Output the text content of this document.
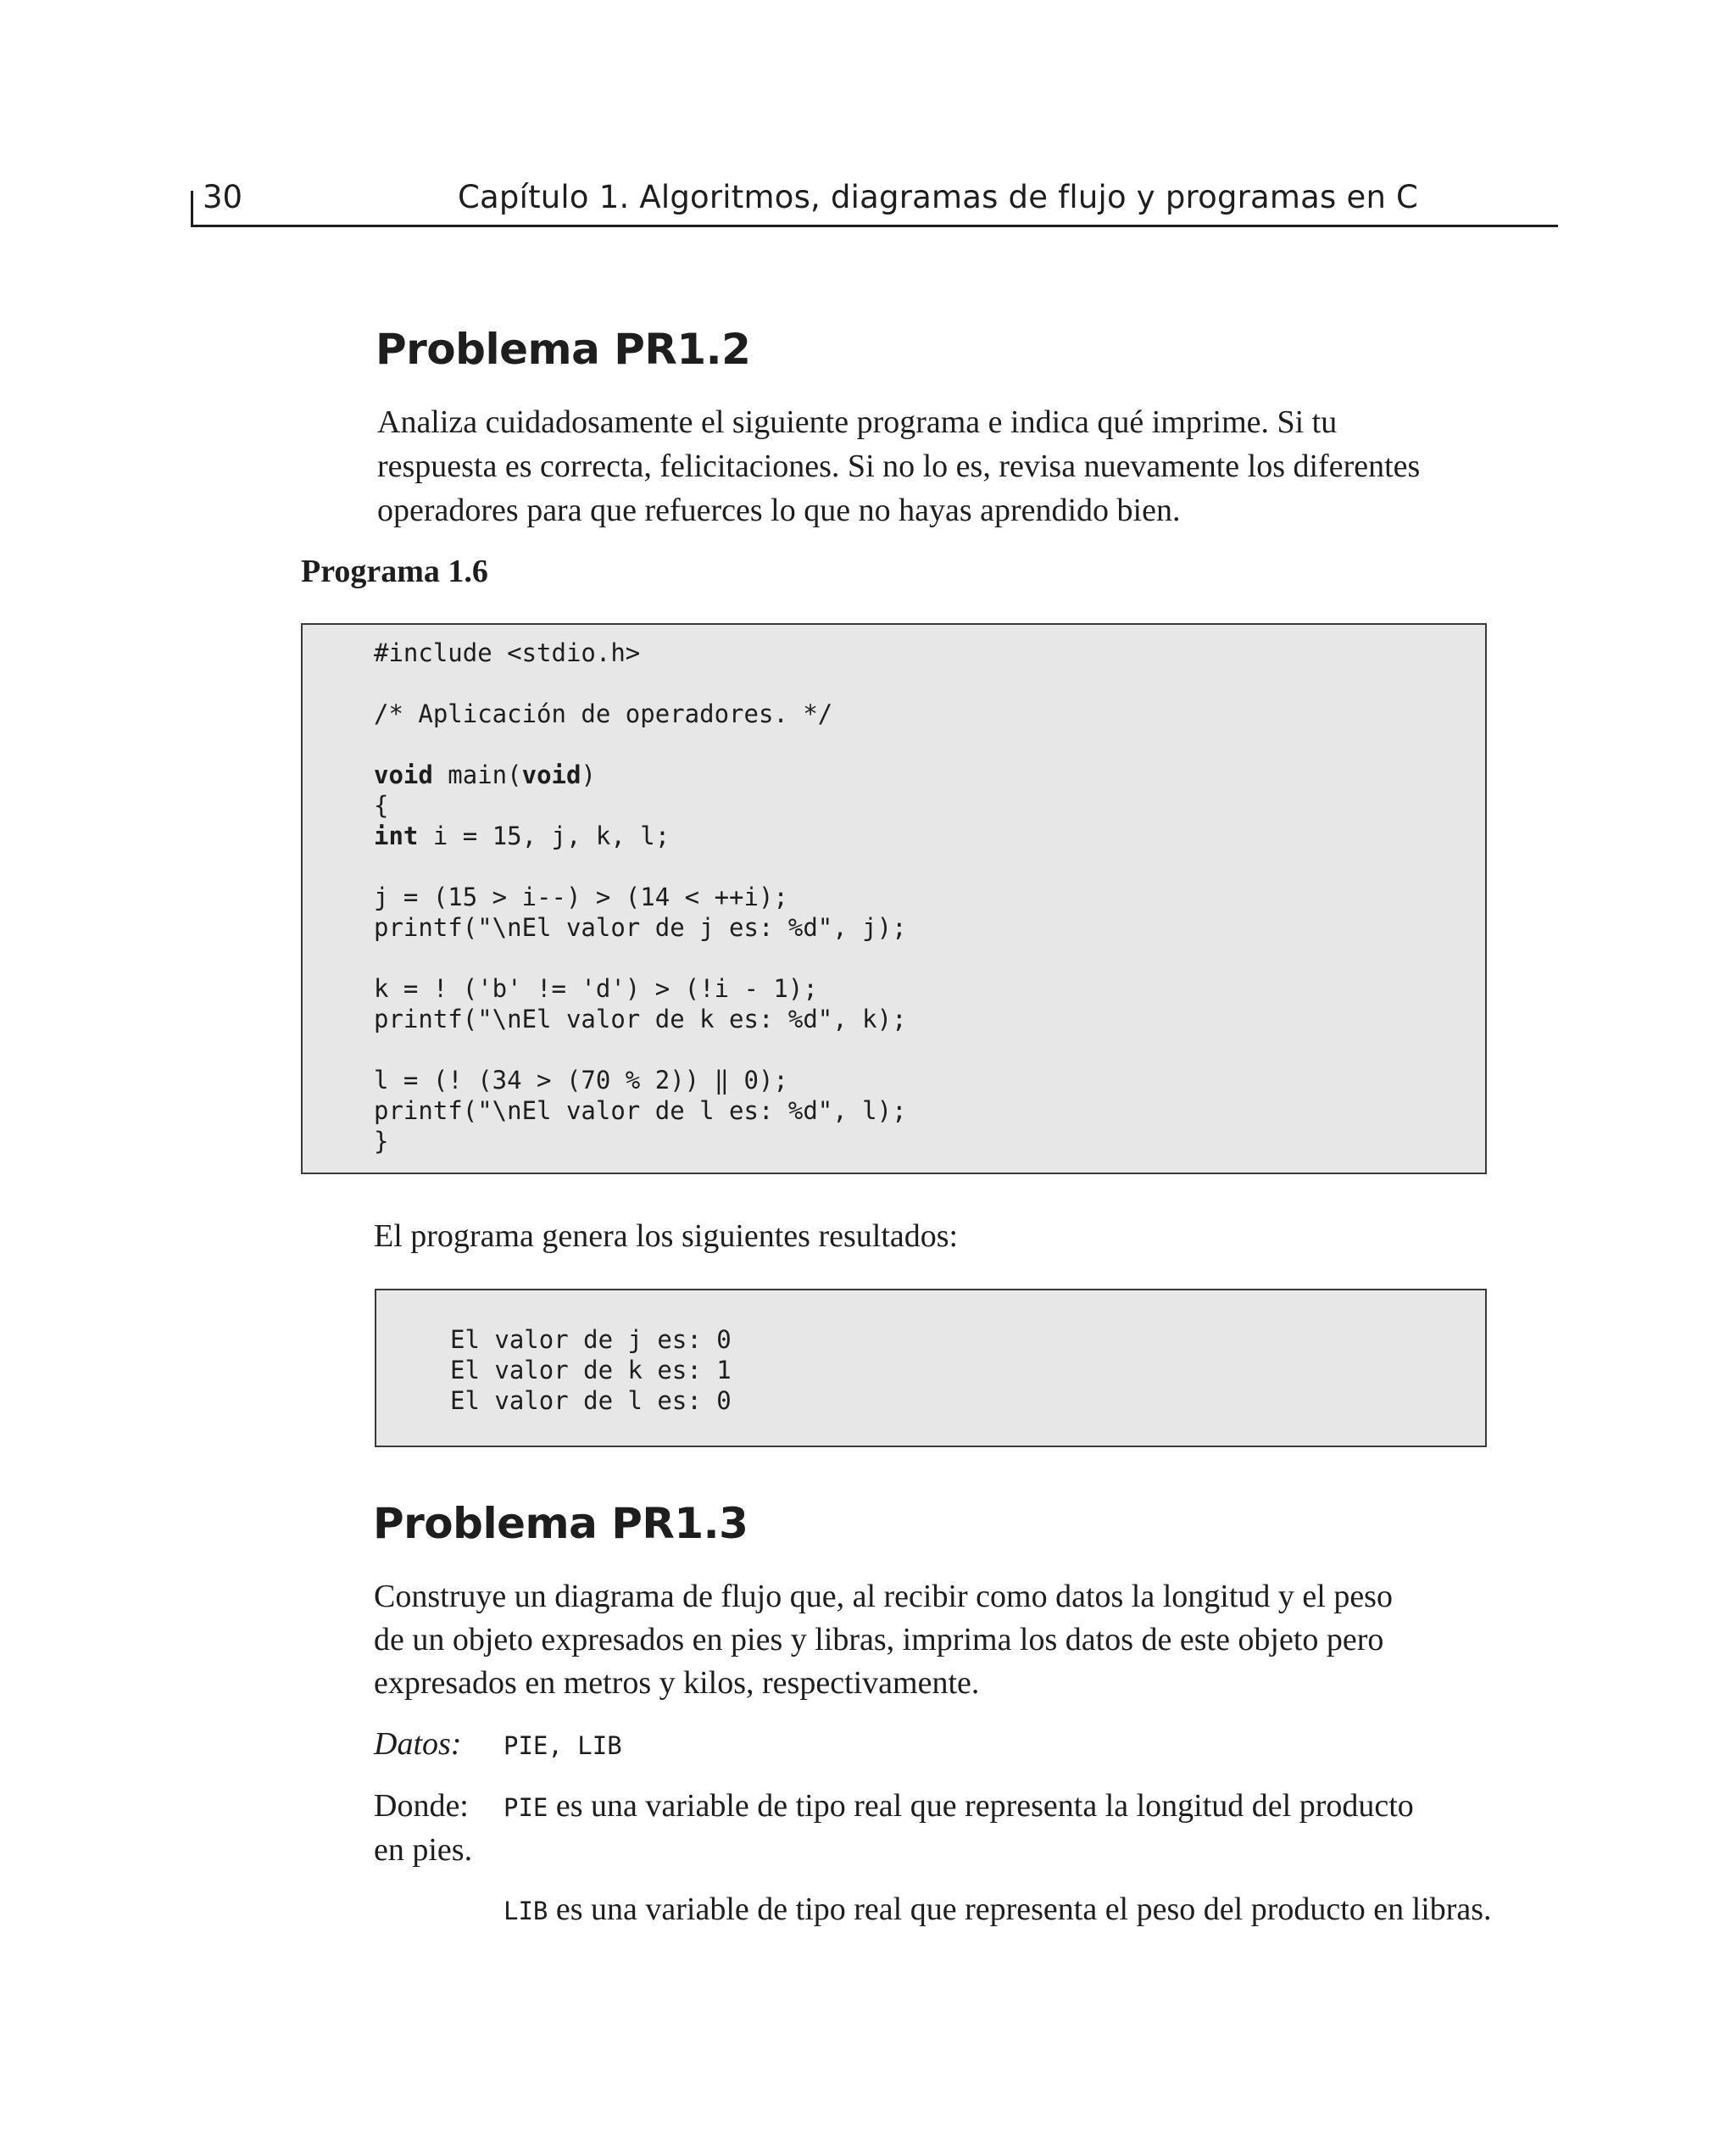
30	Capítulo 1. Algoritmos, diagramas de flujo y programas en C
Problema PR1.2

Analiza cuidadosamente el siguiente programa e indica qué imprime. Si tu

respuesta es correcta, felicitaciones. Si no lo es, revisa nuevamente los diferentes

operadores para que refuerces lo que no hayas aprendido bien.

Programa 1.6
#include <stdio.h>
/* Aplicación de operadores. */
void main(void)
{
int i = 15, j, k, l;
j = (15 > i--) > (14 < ++i);
printf("\nEl valor de j es: %d", j);
k = ! ('b' != 'd') > (!i - 1);
printf("\nEl valor de k es: %d", k);
l = (! (34 > (70 % 2)) ‖ 0);
printf("\nEl valor de l es: %d", l);
}

El programa genera los siguientes resultados:

El valor de j es: 0
El valor de k es: 1
El valor de l es: 0
Problema PR1.3

Construye un diagrama de flujo que, al recibir como datos la longitud y el peso

de un objeto expresados en pies y libras, imprima los datos de este objeto pero

expresados en metros y kilos, respectivamente.

Datos: PIE, LIB
Donde: PIE es una variable de tipo real que representa la longitud del producto
en pies.
LIB es una variable de tipo real que representa el peso del producto en libras.
